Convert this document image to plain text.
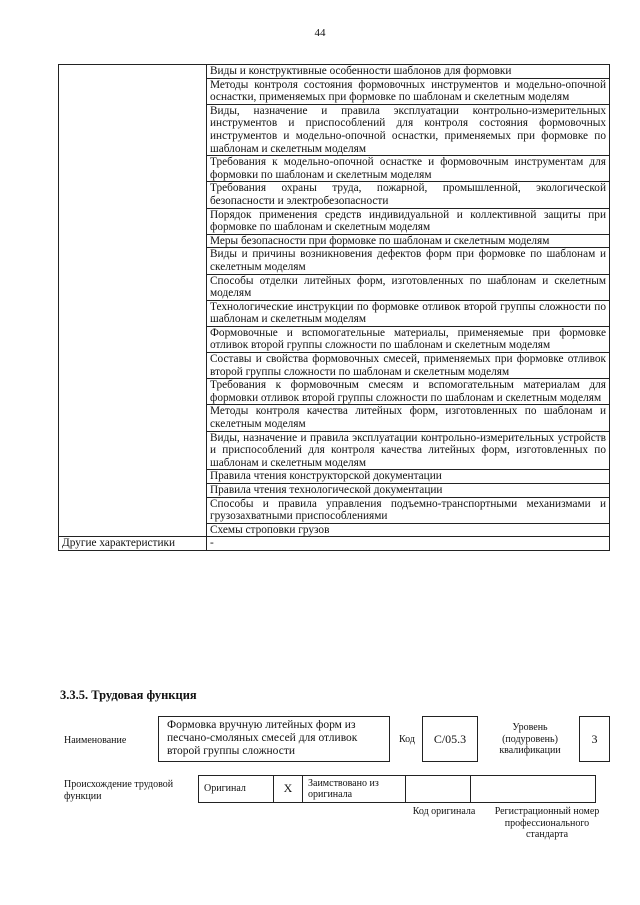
44
	Виды и конструктивные особенности шаблонов для формовки
	Методы контроля состояния формовочных инструментов и модельно-опочной оснастки, применяемых при формовке по шаблонам и скелетным моделям
	Виды, назначение и правила эксплуатации контрольно-измерительных инструментов и приспособлений для контроля состояния формовочных инструментов и модельно-опочной оснастки, применяемых при формовке по шаблонам и скелетным моделям
	Требования к модельно-опочной оснастке и формовочным инструментам для формовки по шаблонам и скелетным моделям
	Требования охраны труда, пожарной, промышленной, экологической безопасности и электробезопасности
	Порядок применения средств индивидуальной и коллективной защиты при формовке по шаблонам и скелетным моделям
	Меры безопасности при формовке по шаблонам и скелетным моделям
	Виды и причины возникновения дефектов форм при формовке по шаблонам и скелетным моделям
	Способы отделки литейных форм, изготовленных по шаблонам и скелетным моделям
	Технологические инструкции по формовке отливок второй группы сложности по шаблонам и скелетным моделям
	Формовочные и вспомогательные материалы, применяемые при формовке отливок второй группы сложности по шаблонам и скелетным моделям
	Составы и свойства формовочных смесей, применяемых при формовке отливок второй группы сложности по шаблонам и скелетным моделям
	Требования к формовочным смесям и вспомогательным материалам для формовки отливок второй группы сложности по шаблонам и скелетным моделям
	Методы контроля качества литейных форм, изготовленных по шаблонам и скелетным моделям
	Виды, назначение и правила эксплуатации контрольно-измерительных устройств и приспособлений для контроля качества литейных форм, изготовленных по шаблонам и скелетным моделям
	Правила чтения конструкторской документации
	Правила чтения технологической документации
	Способы и правила управления подъемно-транспортными механизмами и грузозахватными приспособлениями
	Схемы строповки грузов
Другие характеристики	-
3.3.5. Трудовая функция
Наименование
Формовка вручную литейных форм из песчано-смоляных смесей для отливок второй группы сложности
Код	С/05.3
Уровень (подуровень) квалификации
3
Происхождение трудовой функции
Оригинал	X	Заимствовано из оригинала		
Код оригинала	Регистрационный номер профессионального стандарта
